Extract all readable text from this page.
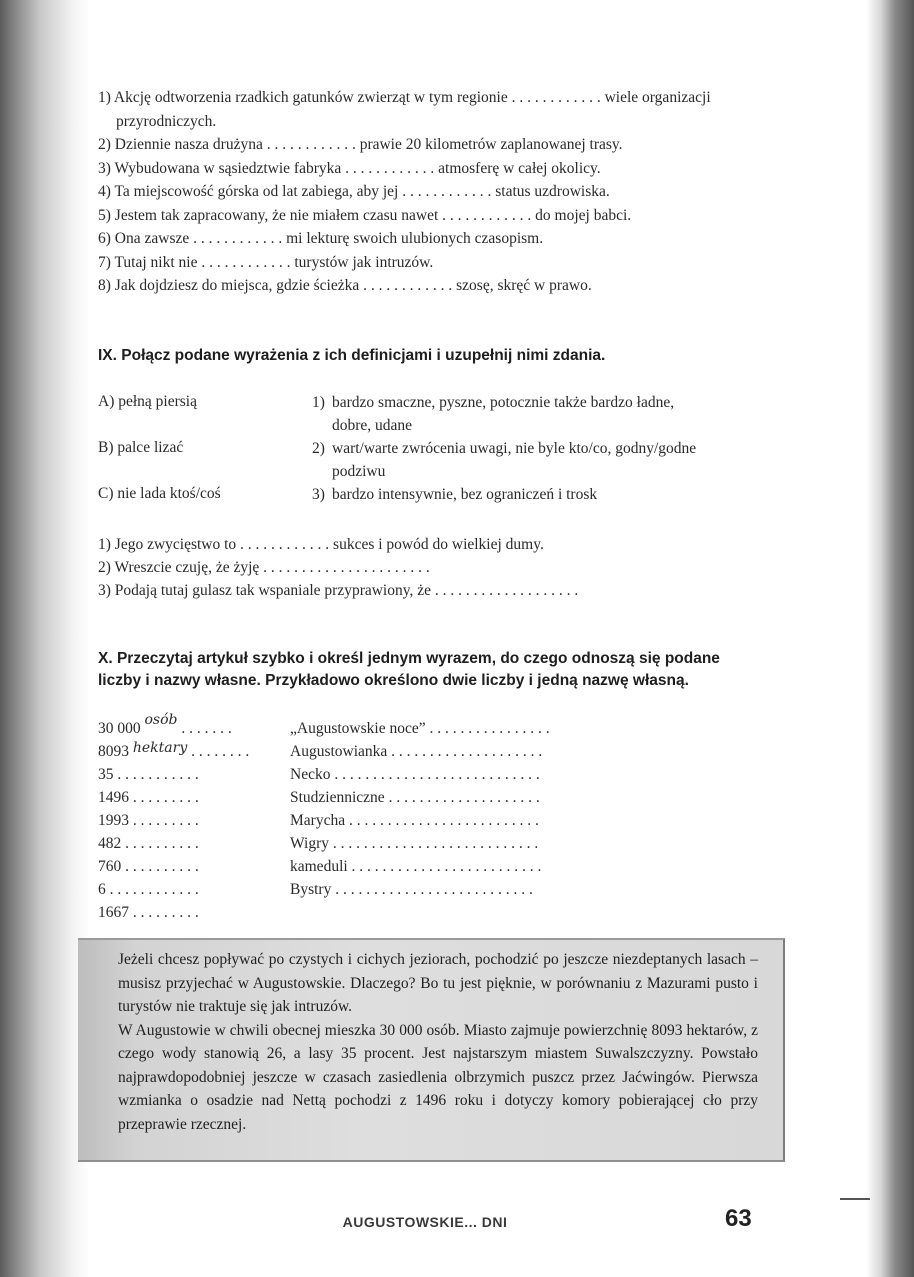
1) Akcję odtworzenia rzadkich gatunków zwierząt w tym regionie . . . . . . . . . . . . wiele organizacji przyrodniczych.
2) Dziennie nasza drużyna . . . . . . . . . . . . prawie 20 kilometrów zaplanowanej trasy.
3) Wybudowana w sąsiedztwie fabryka . . . . . . . . . . . . atmosferę w całej okolicy.
4) Ta miejscowość górska od lat zabiega, aby jej . . . . . . . . . . . . status uzdrowiska.
5) Jestem tak zapracowany, że nie miałem czasu nawet . . . . . . . . . . . . do mojej babci.
6) Ona zawsze . . . . . . . . . . . . mi lekturę swoich ulubionych czasopism.
7) Tutaj nikt nie . . . . . . . . . . . . turystów jak intruzów.
8) Jak dojdziesz do miejsca, gdzie ścieżka . . . . . . . . . . . . szosę, skręć w prawo.
IX. Połącz podane wyrażenia z ich definicjami i uzupełnij nimi zdania.
A) pełną piersią
B) palce lizać
C) nie lada ktoś/coś
1) bardzo smaczne, pyszne, potocznie także bardzo ładne,
dobre, udane
2) wart/warte zwrócenia uwagi, nie byle kto/co, godny/godne
podziwu
3) bardzo intensywnie, bez ograniczeń i trosk
1) Jego zwycięstwo to . . . . . . . . . . . . sukces i powód do wielkiej dumy.
2) Wreszcie czuję, że żyję . . . . . . . . . . . . . . . . . . . . . .
3) Podają tutaj gulasz tak wspaniale przyprawiony, że . . . . . . . . . . . . . . . . . . .
X. Przeczytaj artykuł szybko i określ jednym wyrazem, do czego odnoszą się podane
liczby i nazwy własne. Przykładowo określono dwie liczby i jedną nazwę własną.
30 000 osób . . . . . . .
8093 hektary . . . . . . . .
35 . . . . . . . . . . .
1496 . . . . . . . . .
1993 . . . . . . . . .
482 . . . . . . . . . .
760 . . . . . . . . . .
6 . . . . . . . . . . . .
1667 . . . . . . . . .
„Augustowskie noce” . . . . . . . . . . . . . . . .
Augustowianka . . . . . . . . . . . . . . . . . . . .
Necko . . . . . . . . . . . . . . . . . . . . . . . . . . .
Studzienniczne . . . . . . . . . . . . . . . . . . . .
Marycha . . . . . . . . . . . . . . . . . . . . . . . . .
Wigry . . . . . . . . . . . . . . . . . . . . . . . . . . .
kameduli . . . . . . . . . . . . . . . . . . . . . . . . .
Bystry . . . . . . . . . . . . . . . . . . . . . . . . . .

Jeżeli chcesz popływać po czystych i cichych jeziorach, pochodzić po jeszcze niezdeptanych lasach – musisz przyjechać w Augustowskie. Dlaczego? Bo tu jest pięknie, w porównaniu z Mazurami pusto i turystów nie traktuje się jak intruzów.

W Augustowie w chwili obecnej mieszka 30 000 osób. Miasto zajmuje powierzchnię 8093 hektarów, z czego wody stanowią 26, a lasy 35 procent. Jest najstarszym miastem Suwalszczyzny. Powstało najprawdopodobniej jeszcze w czasach zasiedlenia olbrzymich puszcz przez Jaćwingów. Pierwsza wzmianka o osadzie nad Nettą pochodzi z 1496 roku i dotyczy komory pobierającej cło przy przeprawie rzecznej.

AUGUSTOWSKIE... DNI	63
